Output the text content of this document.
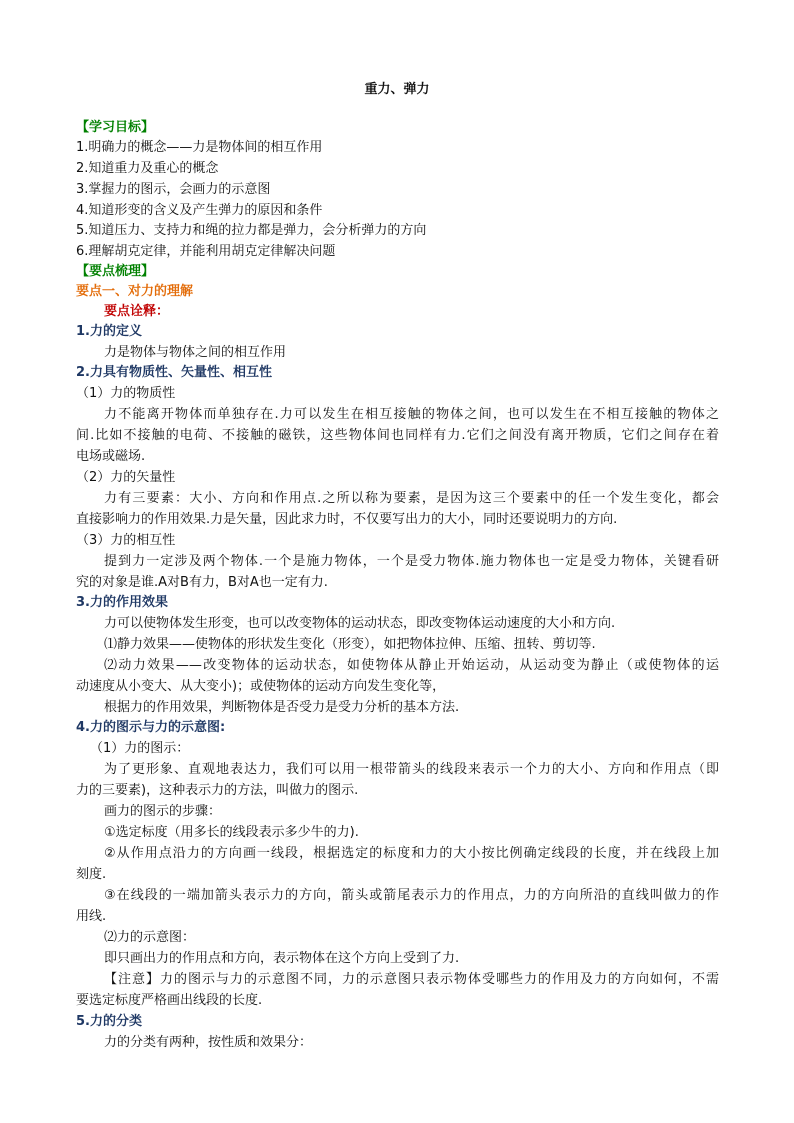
重力、弹力
【学习目标】
1.明确力的概念——力是物体间的相互作用
2.知道重力及重心的概念
3.掌握力的图示，会画力的示意图
4.知道形变的含义及产生弹力的原因和条件
5.知道压力、支持力和绳的拉力都是弹力，会分析弹力的方向
6.理解胡克定律，并能利用胡克定律解决问题
【要点梳理】
要点一、对力的理解
要点诠释：
1.力的定义
力是物体与物体之间的相互作用
2.力具有物质性、矢量性、相互性
（1）力的物质性
力不能离开物体而单独存在.力可以发生在相互接触的物体之间，也可以发生在不相互接触的物体之
间.比如不接触的电荷、不接触的磁铁，这些物体间也同样有力.它们之间没有离开物质，它们之间存在着
电场或磁场.
（2）力的矢量性
力有三要素：大小、方向和作用点.之所以称为要素，是因为这三个要素中的任一个发生变化，都会
直接影响力的作用效果.力是矢量，因此求力时，不仅要写出力的大小，同时还要说明力的方向.
（3）力的相互性
提到力一定涉及两个物体.一个是施力物体，一个是受力物体.施力物体也一定是受力物体，关键看研
究的对象是谁.A对B有力，B对A也一定有力.
3.力的作用效果
力可以使物体发生形变，也可以改变物体的运动状态，即改变物体运动速度的大小和方向.
⑴静力效果——使物体的形状发生变化（形变），如把物体拉伸、压缩、扭转、剪切等.
⑵动力效果——改变物体的运动状态，如使物体从静止开始运动，从运动变为静止（或使物体的运
动速度从小变大、从大变小)；或使物体的运动方向发生变化等，
根据力的作用效果，判断物体是否受力是受力分析的基本方法.
4.力的图示与力的示意图:
（1）力的图示：
为了更形象、直观地表达力，我们可以用一根带箭头的线段来表示一个力的大小、方向和作用点（即
力的三要素)，这种表示力的方法，叫做力的图示.
画力的图示的步骤：
①选定标度（用多长的线段表示多少牛的力).
②从作用点沿力的方向画一线段，根据选定的标度和力的大小按比例确定线段的长度，并在线段上加
刻度.
③在线段的一端加箭头表示力的方向，箭头或箭尾表示力的作用点，力的方向所沿的直线叫做力的作
用线.
⑵力的示意图：
即只画出力的作用点和方向，表示物体在这个方向上受到了力.
【注意】力的图示与力的示意图不同，力的示意图只表示物体受哪些力的作用及力的方向如何，不需
要选定标度严格画出线段的长度.
5.力的分类
力的分类有两种，按性质和效果分：
